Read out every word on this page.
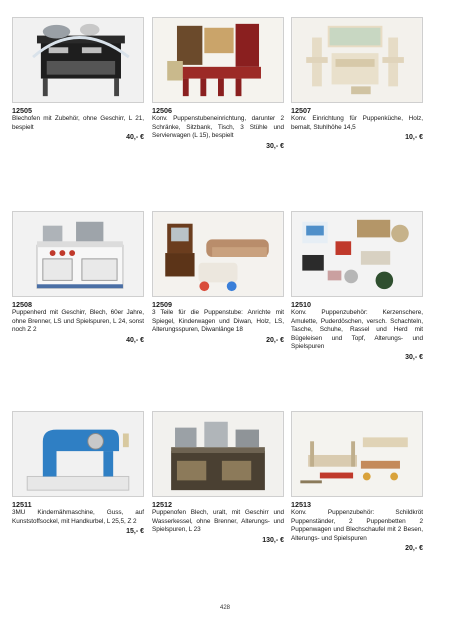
12505
Blechofen mit Zubehör, ohne Geschirr, L 21, bespielt
40,- €
12506
Konv. Puppenstubeneinrichtung, darunter 2 Schränke, Sitzbank, Tisch, 3 Stühle und Servierwagen (L 15), bespielt
30,- €
12507
Konv. Einrichtung für Puppenküche, Holz, bemalt, Stuhlhöhe 14,5
10,- €
12508
Puppenherd mit Geschirr, Blech, 60er Jahre, ohne Brenner, LS und Spielspuren, L 24, sonst noch Z 2
40,- €
12509
3 Teile für die Puppenstube: Anrichte mit Spiegel, Kinderwagen und Diwan, Holz, LS, Alterungsspuren, Diwanlänge 18
20,- €
12510
Konv. Puppenzubehör: Kerzenschere, Amulette, Puderdöschen, versch. Schachteln, Tasche, Schuhe, Rassel und Herd mit Bügeleisen und Topf, Alterungs- und Spielspuren
30,- €
12511
3MU Kindernähmaschine, Guss, auf Kunststoffsockel, mit Handkurbel, L 25,5, Z 2
15,- €
12512
Puppenofen Blech, uralt, mit Geschirr und Wasserkessel, ohne Brenner, Alterungs- und Spielspuren, L 23
130,- €
12513
Konv. Puppenzubehör: Schildkröt Puppenständer, 2 Puppenbetten 2 Puppenwagen und Blechschaufel mit 2 Besen, Alterungs- und Spielspuren
20,- €
428
